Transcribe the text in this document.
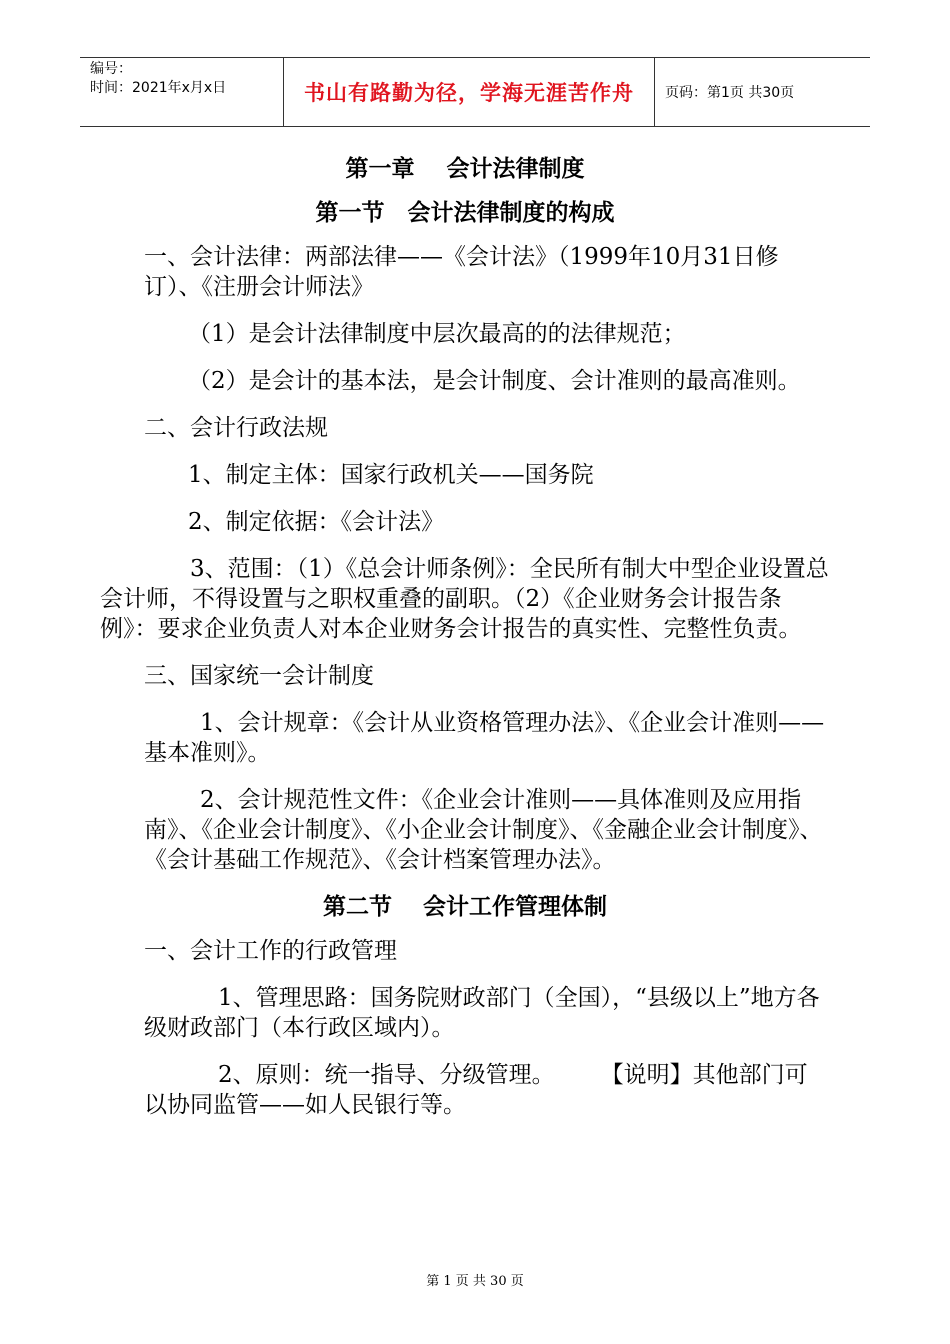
编号：
时间：2021年x月x日	书山有路勤为径，学海无涯苦作舟	页码：第1页 共30页
第一章 会计法律制度
第一节　会计法律制度的构成
一、会计法律：两部法律——《会计法》（1999年10月31日修订）、《注册会计师法》
（1）是会计法律制度中层次最高的的法律规范；
（2）是会计的基本法，是会计制度、会计准则的最高准则。
二、会计行政法规
1、制定主体：国家行政机关——国务院
2、制定依据：《会计法》
3、范围：（1）《总会计师条例》：全民所有制大中型企业设置总会计师，不得设置与之职权重叠的副职。（2）《企业财务会计报告条例》：要求企业负责人对本企业财务会计报告的真实性、完整性负责。
三、国家统一会计制度
1、会计规章：《会计从业资格管理办法》、《企业会计准则——基本准则》。
2、会计规范性文件：《企业会计准则——具体准则及应用指南》、《企业会计制度》、《小企业会计制度》、《金融企业会计制度》、《会计基础工作规范》、《会计档案管理办法》。
第二节　 会计工作管理体制
一、会计工作的行政管理
1、管理思路：国务院财政部门（全国），“县级以上”地方各级财政部门（本行政区域内）。
2、原则：统一指导、分级管理。　　　【说明】其他部门可以协同监管——如人民银行等。
第 1 页 共 30 页
